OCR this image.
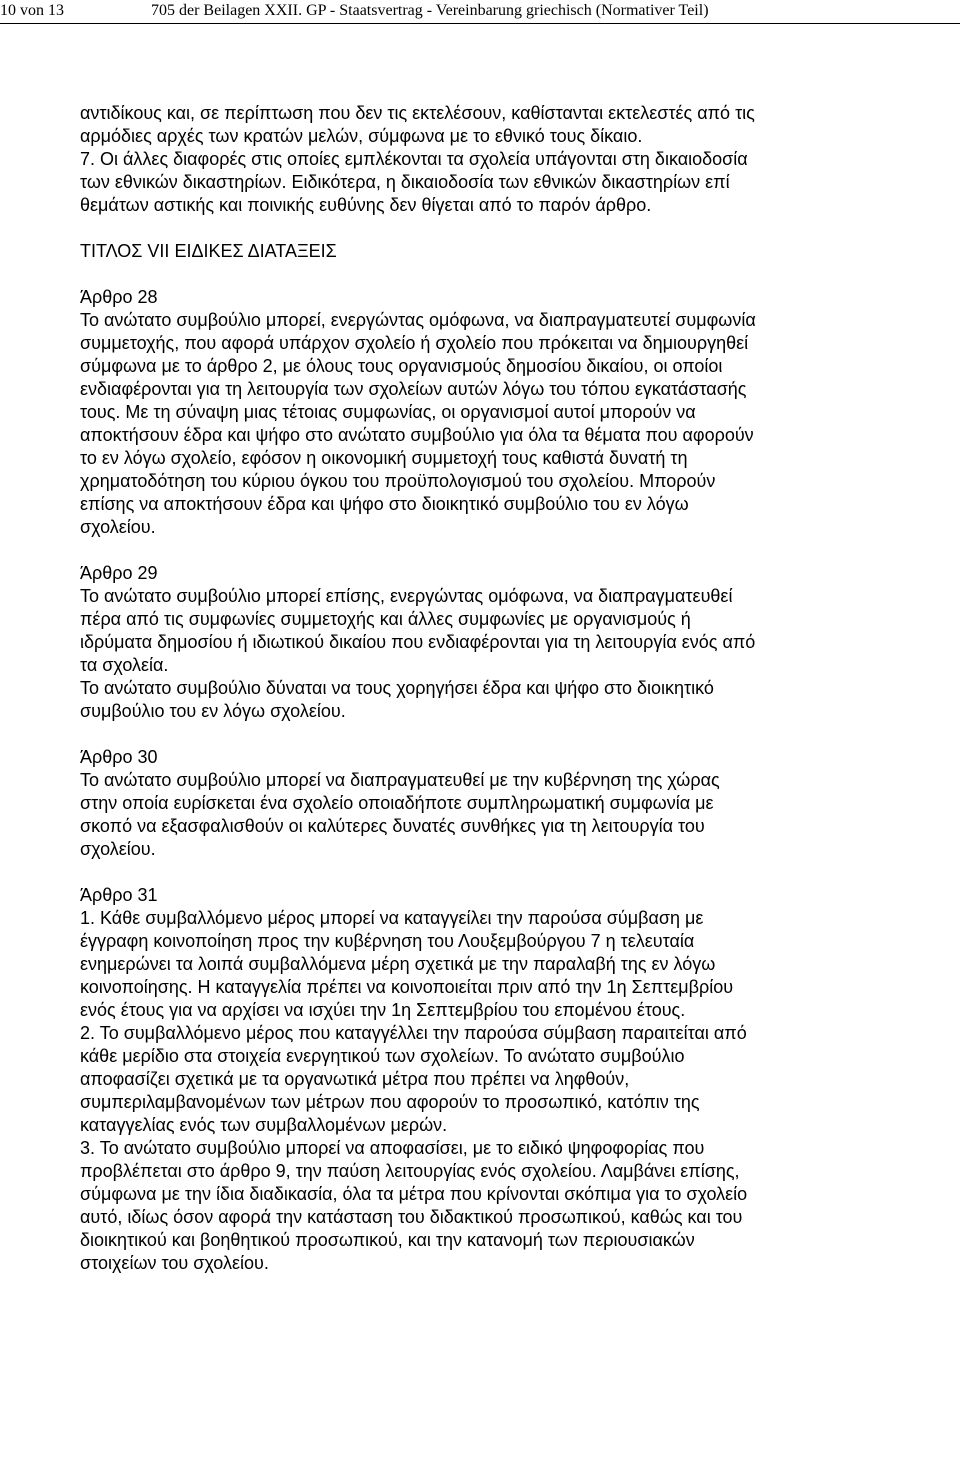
10 von 13	705 der Beilagen XXII. GP - Staatsvertrag - Vereinbarung griechisch (Normativer Teil)
αντιδίκους και, σε περίπτωση που δεν τις εκτελέσουν, καθίστανται εκτελεστές από τις
αρμόδιες αρχές των κρατών μελών, σύμφωνα με το εθνικό τους δίκαιο.
7. Οι άλλες διαφορές στις οποίες εμπλέκονται τα σχολεία υπάγονται στη δικαιοδοσία
των εθνικών δικαστηρίων. Ειδικότερα, η δικαιοδοσία των εθνικών δικαστηρίων επί
θεμάτων αστικής και ποινικής ευθύνης δεν θίγεται από το παρόν άρθρο.
ΤΙΤΛΟΣ VII ΕΙΔΙΚΕΣ ΔΙΑΤΑΞΕΙΣ
Άρθρο 28
Το ανώτατο συμβούλιο μπορεί, ενεργώντας ομόφωνα, να διαπραγματευτεί συμφωνία
συμμετοχής, που αφορά υπάρχον σχολείο ή σχολείο που πρόκειται να δημιουργηθεί
σύμφωνα με το άρθρο 2, με όλους τους οργανισμούς δημοσίου δικαίου, οι οποίοι
ενδιαφέρονται για τη λειτουργία των σχολείων αυτών λόγω του τόπου εγκατάστασής
τους. Με τη σύναψη μιας τέτοιας συμφωνίας, οι οργανισμοί αυτοί μπορούν να
αποκτήσουν έδρα και ψήφο στο ανώτατο συμβούλιο για όλα τα θέματα που αφορούν
το εν λόγω σχολείο, εφόσον η οικονομική συμμετοχή τους καθιστά δυνατή τη
χρηματοδότηση του κύριου όγκου του προϋπολογισμού του σχολείου. Μπορούν
επίσης να αποκτήσουν έδρα και ψήφο στο διοικητικό συμβούλιο του εν λόγω
σχολείου.
Άρθρο 29
Το ανώτατο συμβούλιο μπορεί επίσης, ενεργώντας ομόφωνα, να διαπραγματευθεί
πέρα από τις συμφωνίες συμμετοχής και άλλες συμφωνίες με οργανισμούς ή
ιδρύματα δημοσίου ή ιδιωτικού δικαίου που ενδιαφέρονται για τη λειτουργία ενός από
τα σχολεία.
Το ανώτατο συμβούλιο δύναται να τους χορηγήσει έδρα και ψήφο στο διοικητικό
συμβούλιο του εν λόγω σχολείου.
Άρθρο 30
Το ανώτατο συμβούλιο μπορεί να διαπραγματευθεί με την κυβέρνηση της χώρας
στην οποία ευρίσκεται ένα σχολείο οποιαδήποτε συμπληρωματική συμφωνία με
σκοπό να εξασφαλισθούν οι καλύτερες δυνατές συνθήκες για τη λειτουργία του
σχολείου.
Άρθρο 31
1. Κάθε συμβαλλόμενο μέρος μπορεί να καταγγείλει την παρούσα σύμβαση με
έγγραφη κοινοποίηση προς την κυβέρνηση του Λουξεμβούργου 7 η τελευταία
ενημερώνει τα λοιπά συμβαλλόμενα μέρη σχετικά με την παραλαβή της εν λόγω
κοινοποίησης. Η καταγγελία πρέπει να κοινοποιείται πριν από την 1η Σεπτεμβρίου
ενός έτους για να αρχίσει να ισχύει την 1η Σεπτεμβρίου του επομένου έτους.
2. Το συμβαλλόμενο μέρος που καταγγέλλει την παρούσα σύμβαση παραιτείται από
κάθε μερίδιο στα στοιχεία ενεργητικού των σχολείων. Το ανώτατο συμβούλιο
αποφασίζει σχετικά με τα οργανωτικά μέτρα που πρέπει να ληφθούν,
συμπεριλαμβανομένων των μέτρων που αφορούν το προσωπικό, κατόπιν της
καταγγελίας ενός των συμβαλλομένων μερών.
3. Το ανώτατο συμβούλιο μπορεί να αποφασίσει, με το ειδικό ψηφοφορίας που
προβλέπεται στο άρθρο 9, την παύση λειτουργίας ενός σχολείου. Λαμβάνει επίσης,
σύμφωνα με την ίδια διαδικασία, όλα τα μέτρα που κρίνονται σκόπιμα για το σχολείο
αυτό, ιδίως όσον αφορά την κατάσταση του διδακτικού προσωπικού, καθώς και του
διοικητικού και βοηθητικού προσωπικού, και την κατανομή των περιουσιακών
στοιχείων του σχολείου.
